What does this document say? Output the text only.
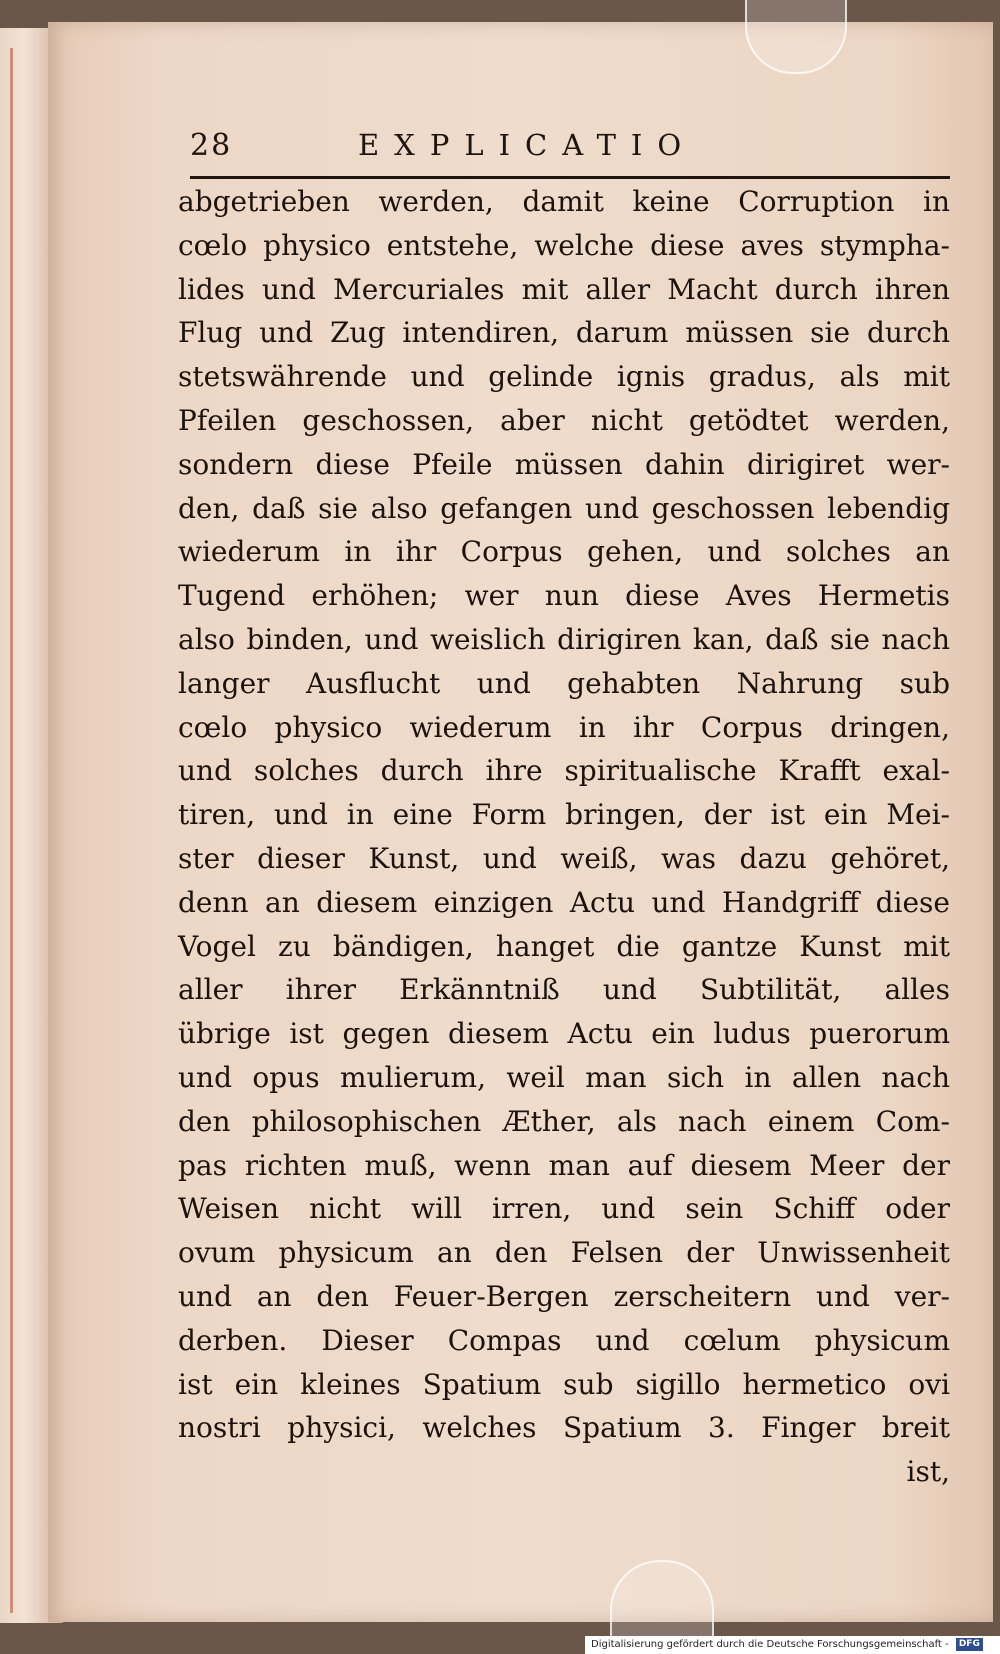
28	EXPLICATIO
abgetrieben werden, damit keine Corruption in
cœlo physico entstehe, welche diese aves stympha-
lides und Mercuriales mit aller Macht durch ihren
Flug und Zug intendiren, darum müssen sie durch
stetswährende und gelinde ignis gradus, als mit
Pfeilen geschossen, aber nicht getödtet werden,
sondern diese Pfeile müssen dahin dirigiret wer-
den, daß sie also gefangen und geschossen lebendig
wiederum in ihr Corpus gehen, und solches an
Tugend erhöhen; wer nun diese Aves Hermetis
also binden, und weislich dirigiren kan, daß sie nach
langer Ausflucht und gehabten Nahrung sub
cœlo physico wiederum in ihr Corpus dringen,
und solches durch ihre spiritualische Krafft exal-
tiren, und in eine Form bringen, der ist ein Mei-
ster dieser Kunst, und weiß, was dazu gehöret,
denn an diesem einzigen Actu und Handgriff diese
Vogel zu bändigen, hanget die gantze Kunst mit
aller ihrer Erkänntniß und Subtilität, alles
übrige ist gegen diesem Actu ein ludus puerorum
und opus mulierum, weil man sich in allen nach
den philosophischen Æther, als nach einem Com-
pas richten muß, wenn man auf diesem Meer der
Weisen nicht will irren, und sein Schiff oder
ovum physicum an den Felsen der Unwissenheit
und an den Feuer-Bergen zerscheitern und ver-
derben. Dieser Compas und cœlum physicum
ist ein kleines Spatium sub sigillo hermetico ovi
nostri physici, welches Spatium 3. Finger breit
ist,
Digitalisierung gefördert durch die Deutsche Forschungsgemeinschaft - DFG
